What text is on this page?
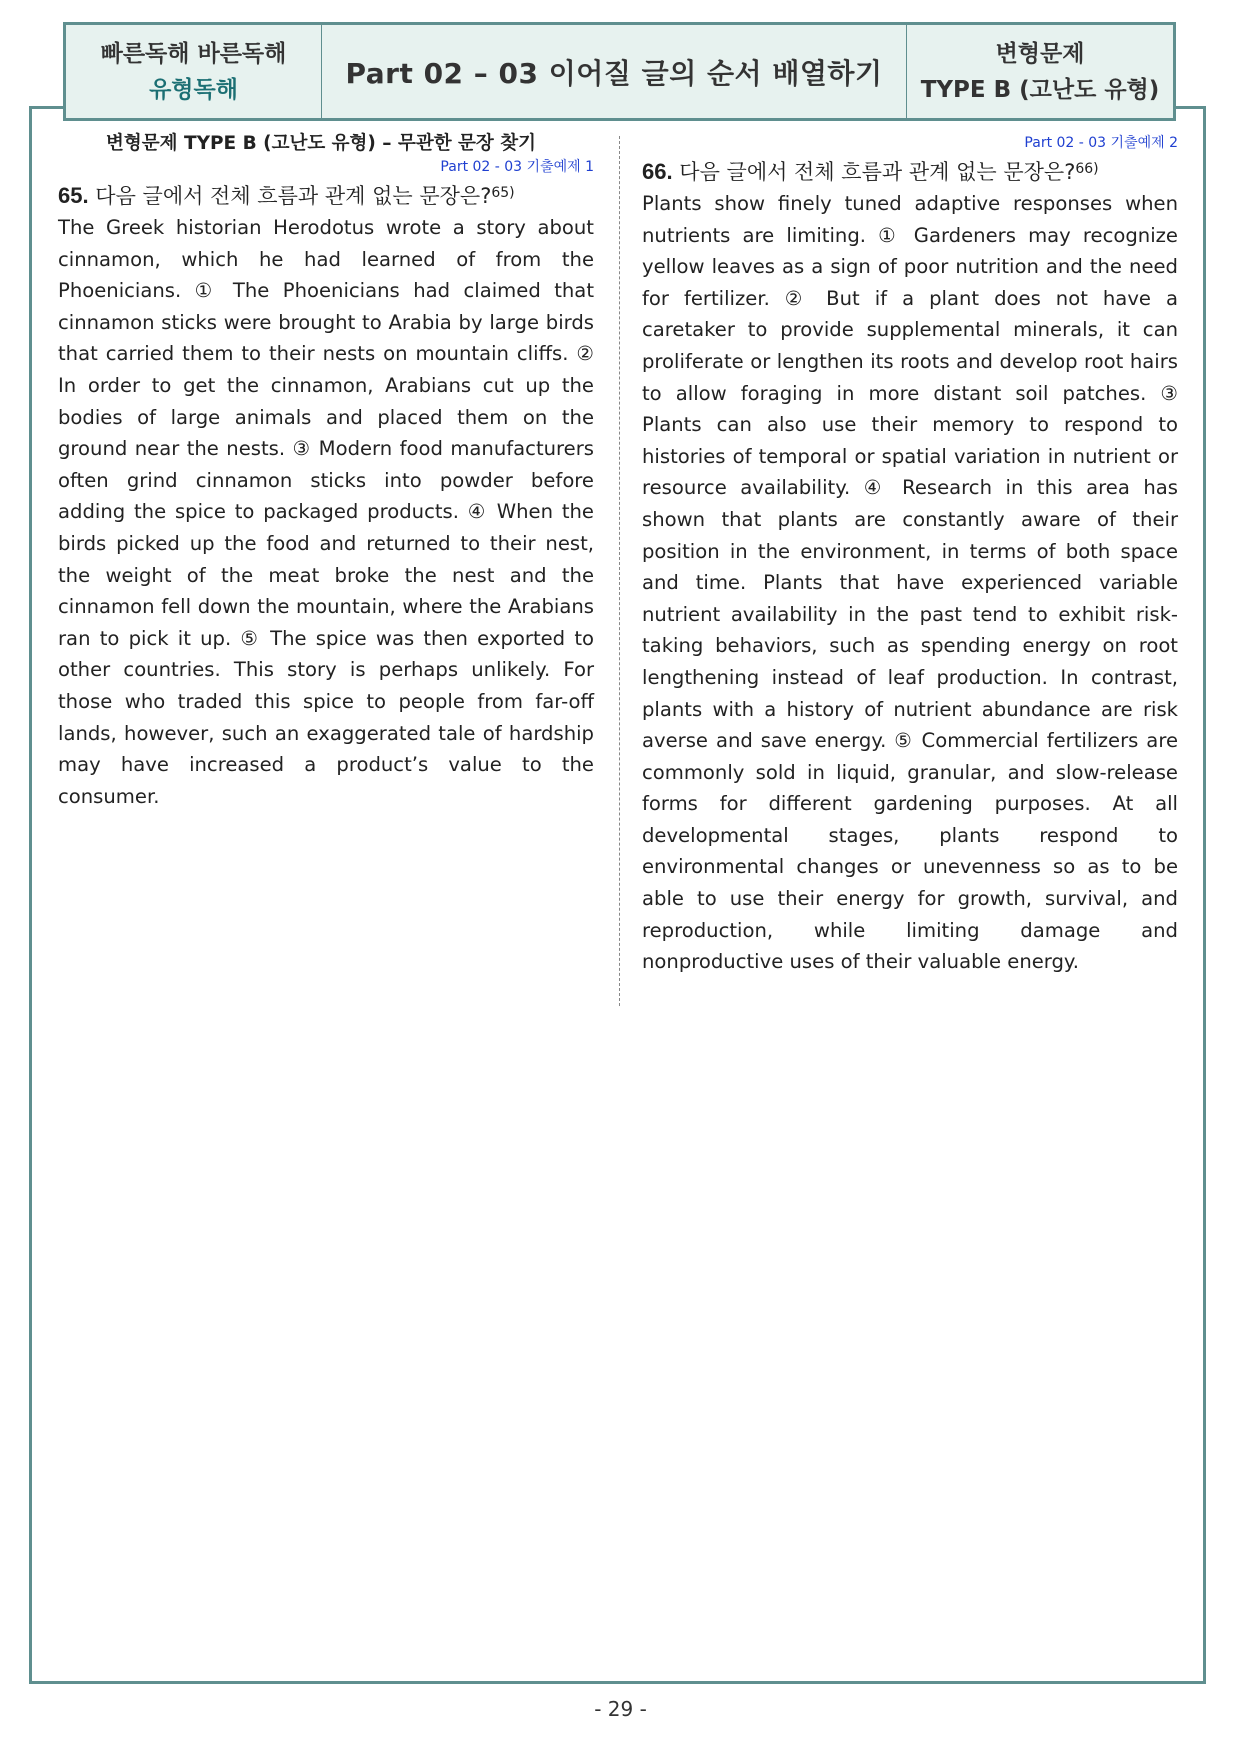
빠른독해 바른독해
유형독해	Part 02 – 03 이어질 글의 순서 배열하기
변형문제
TYPE B (고난도 유형)
변형문제 TYPE B (고난도 유형) – 무관한 문장 찾기
Part 02 - 03 기출예제 1
65. 다음 글에서 전체 흐름과 관계 없는 문장은?$^{65)}$

The Greek historian Herodotus wrote a story about cinnamon, which he had learned of from the Phoenicians. ① The Phoenicians had claimed that cinnamon sticks were brought to Arabia by large birds that carried them to their nests on mountain cliffs. ② In order to get the cinnamon, Arabians cut up the bodies of large animals and placed them on the ground near the nests. ③ Modern food manufacturers often grind cinnamon sticks into powder before adding the spice to packaged products. ④ When the birds picked up the food and returned to their nest, the weight of the meat broke the nest and the cinnamon fell down the mountain, where the Arabians ran to pick it up. ⑤ The spice was then exported to other countries. This story is perhaps unlikely. For those who traded this spice to people from far-off lands, however, such an exaggerated tale of hardship may have increased a product’s value to the consumer.

Part 02 - 03 기출예제 2
66. 다음 글에서 전체 흐름과 관계 없는 문장은?$^{66)}$

Plants show finely tuned adaptive responses when nutrients are limiting. ① Gardeners may recognize yellow leaves as a sign of poor nutrition and the need for fertilizer. ② But if a plant does not have a caretaker to provide supplemental minerals, it can proliferate or lengthen its roots and develop root hairs to allow foraging in more distant soil patches. ③ Plants can also use their memory to respond to histories of temporal or spatial variation in nutrient or resource availability. ④ Research in this area has shown that plants are constantly aware of their position in the environment, in terms of both space and time. Plants that have experienced variable nutrient availability in the past tend to exhibit risk-taking behaviors, such as spending energy on root lengthening instead of leaf production. In contrast, plants with a history of nutrient abundance are risk averse and save energy. ⑤ Commercial fertilizers are commonly sold in liquid, granular, and slow-release forms for different gardening purposes. At all developmental stages, plants respond to environmental changes or unevenness so as to be able to use their energy for growth, survival, and reproduction, while limiting damage and nonproductive uses of their valuable energy.

- 29 -
